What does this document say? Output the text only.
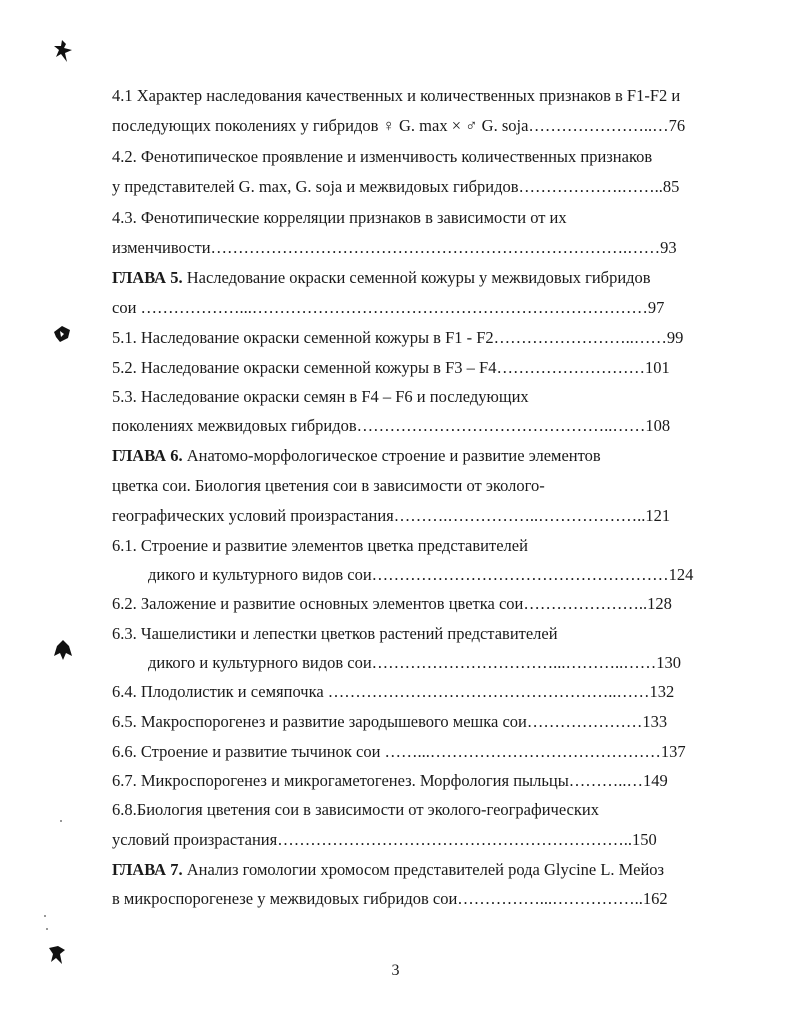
4.1 Характер наследования качественных и количественных признаков в F1-F2 и
последующих поколениях у гибридов ♀ G. max × ♂ G. soja…………………..…76
4.2. Фенотипическое проявление и изменчивость количественных признаков
у представителей G. max, G. soja и межвидовых гибридов……………….……..85
4.3. Фенотипические корреляции признаков в зависимости от их
изменчивости………………………………………………………………….……93
ГЛАВА 5. Наследование окраски семенной кожуры у межвидовых гибридов
сои ………………...………………………………………………………………97
5.1. Наследование окраски семенной кожуры в F1 - F2……………………..……99
5.2. Наследование окраски семенной кожуры в F3 – F4………………………101
5.3. Наследование окраски семян в F4 – F6 и последующих
поколениях межвидовых гибридов………………………………………..……108
ГЛАВА 6. Анатомо-морфологическое строение и развитие элементов
цветка сои. Биология цветения сои в зависимости от эколого-
географических условий произрастания……….……………..………………..121
6.1. Строение и развитие элементов цветка представителей
дикого и культурного видов сои………………………………………………124
6.2. Заложение и развитие основных элементов цветка сои…………………..128
6.3. Чашелистики и лепестки цветков растений представителей
дикого и культурного видов сои……………………………...………..……130
6.4. Плодолистик и семяпочка ……………………………………………..……132
6.5. Макроспорогенез и развитие зародышевого мешка сои…………………133
6.6. Строение и развитие тычинок сои ……...……………………………………137
6.7. Микроспорогенез и микрогаметогенез. Морфология пыльцы………..…149
6.8.Биология цветения сои в зависимости от эколого-географических
условий произрастания………………………………………………………..150
ГЛАВА 7. Анализ гомологии хромосом представителей рода Glycine L. Мейоз
в микроспорогенезе у межвидовых гибридов сои……………...……………..162
3
